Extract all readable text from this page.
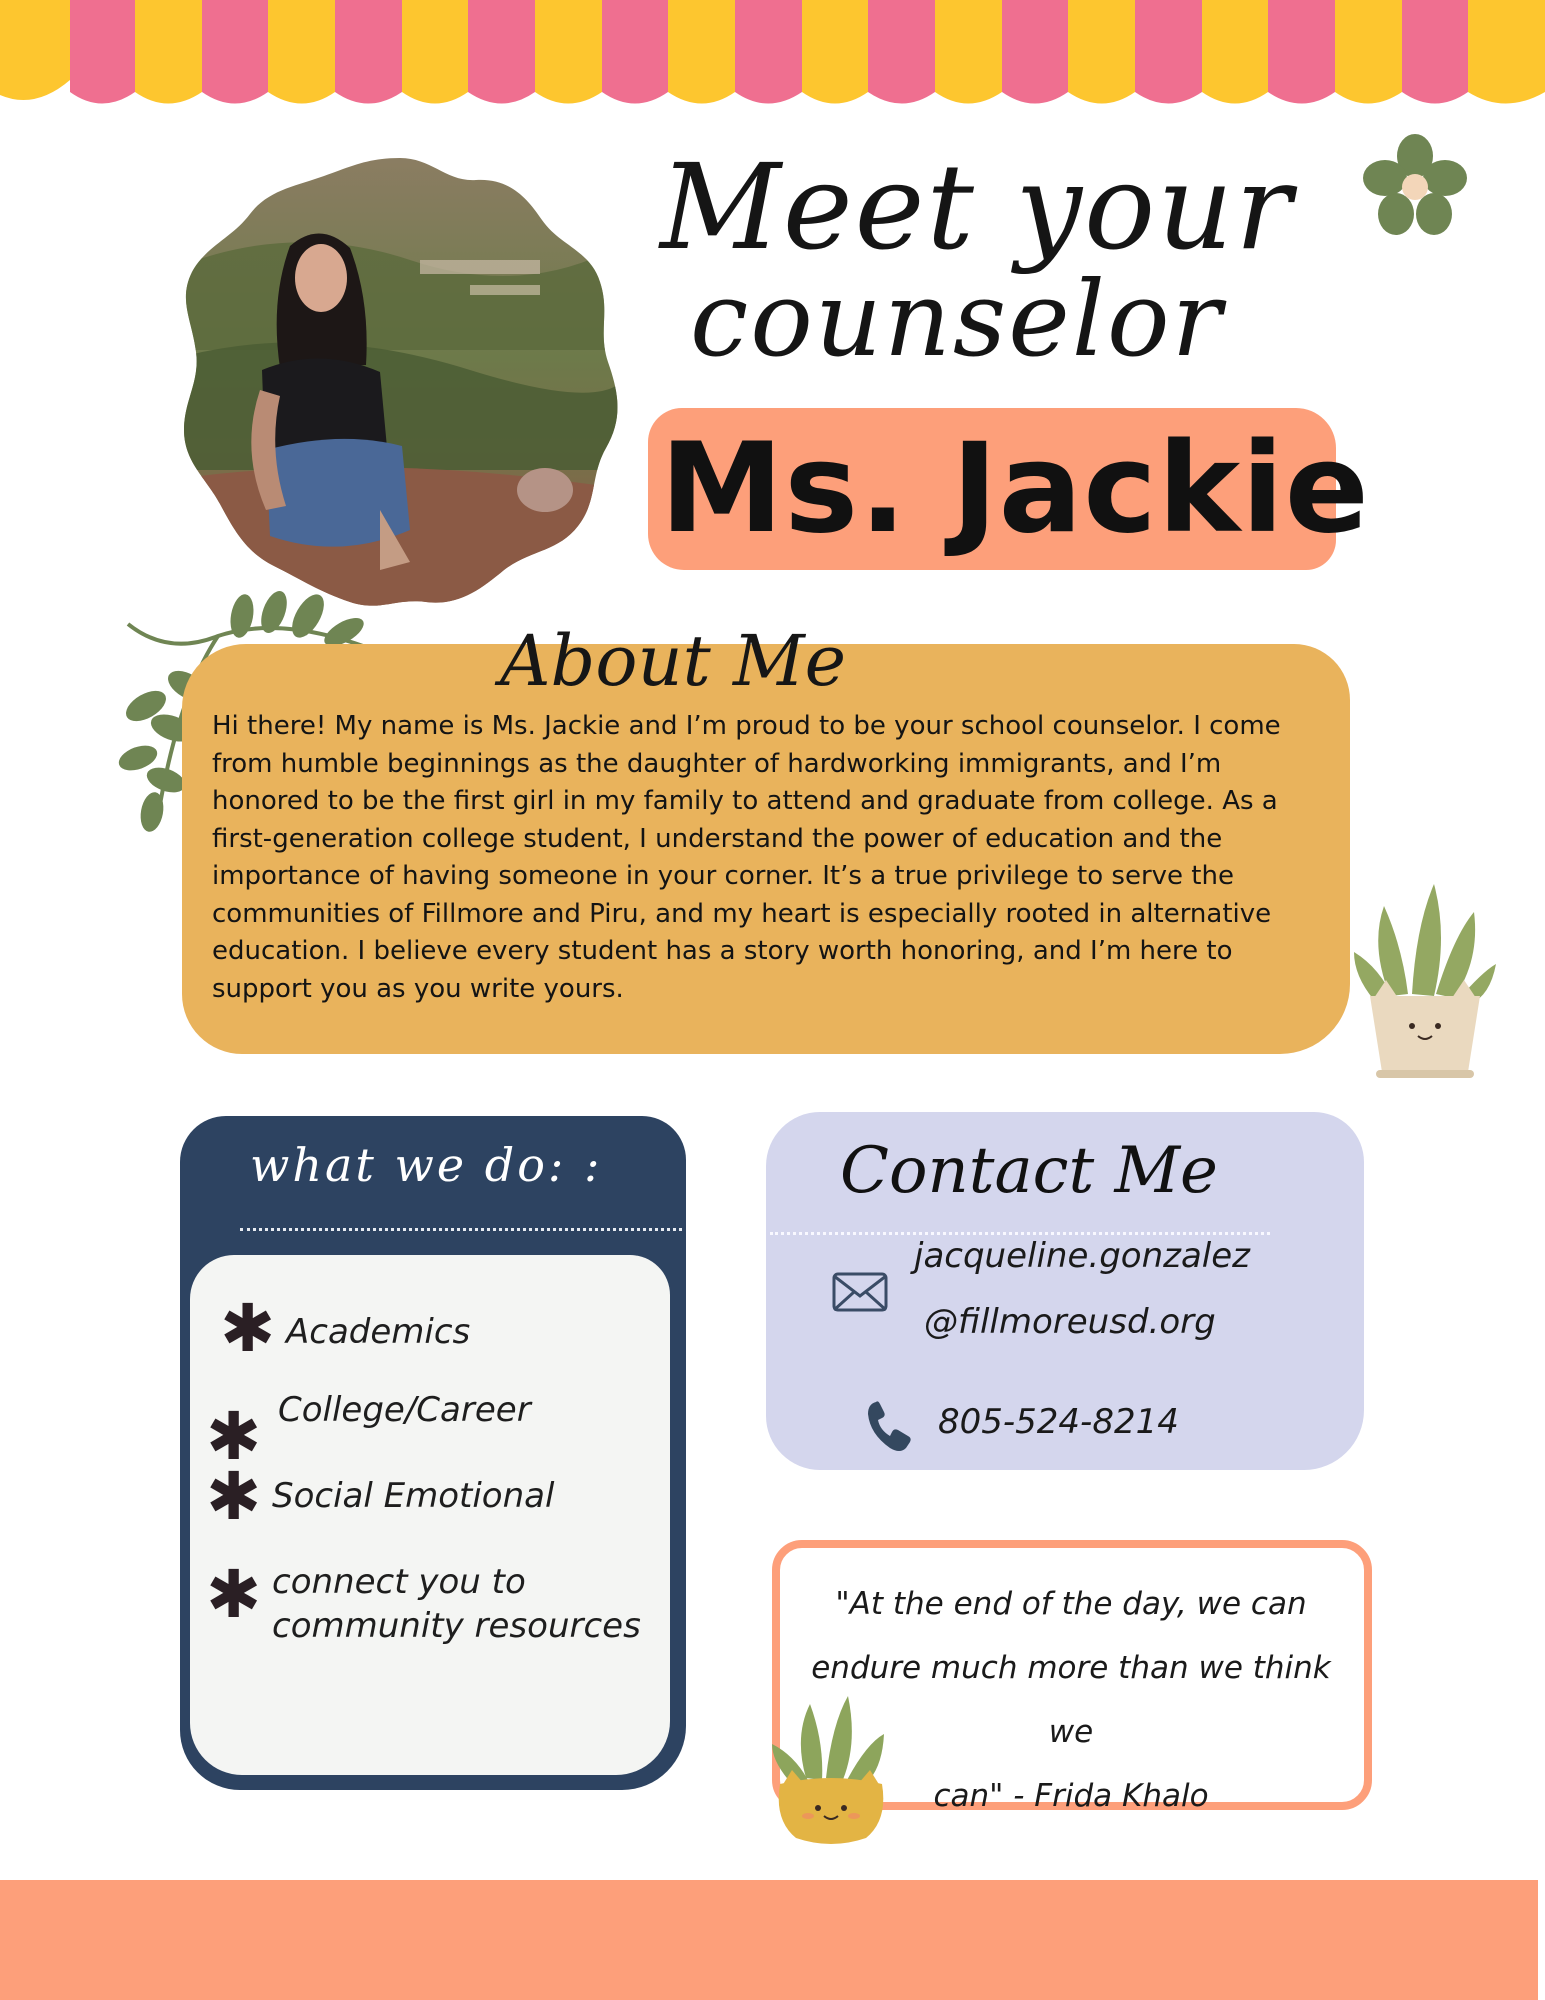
Meet your
counselor
Ms. Jackie
About Me
Hi there! My name is Ms. Jackie and I’m proud to be your school counselor. I come
from humble beginnings as the daughter of hardworking immigrants, and I’m
honored to be the first girl in my family to attend and graduate from college. As a
first-generation college student, I understand the power of education and the
importance of having someone in your corner. It’s a true privilege to serve the
communities of Fillmore and Piru, and my heart is especially rooted in alternative
education. I believe every student has a story worth honoring, and I’m here to
support you as you write yours.
what we do: :
✱ Academics
✱ College/Career
✱ Social Emotional
✱ connect you to
community resources
Contact Me
jacqueline.gonzalez
@fillmoreusd.org
805-524-8214
"At the end of the day, we can
endure much more than we think we
can" - Frida Khalo
